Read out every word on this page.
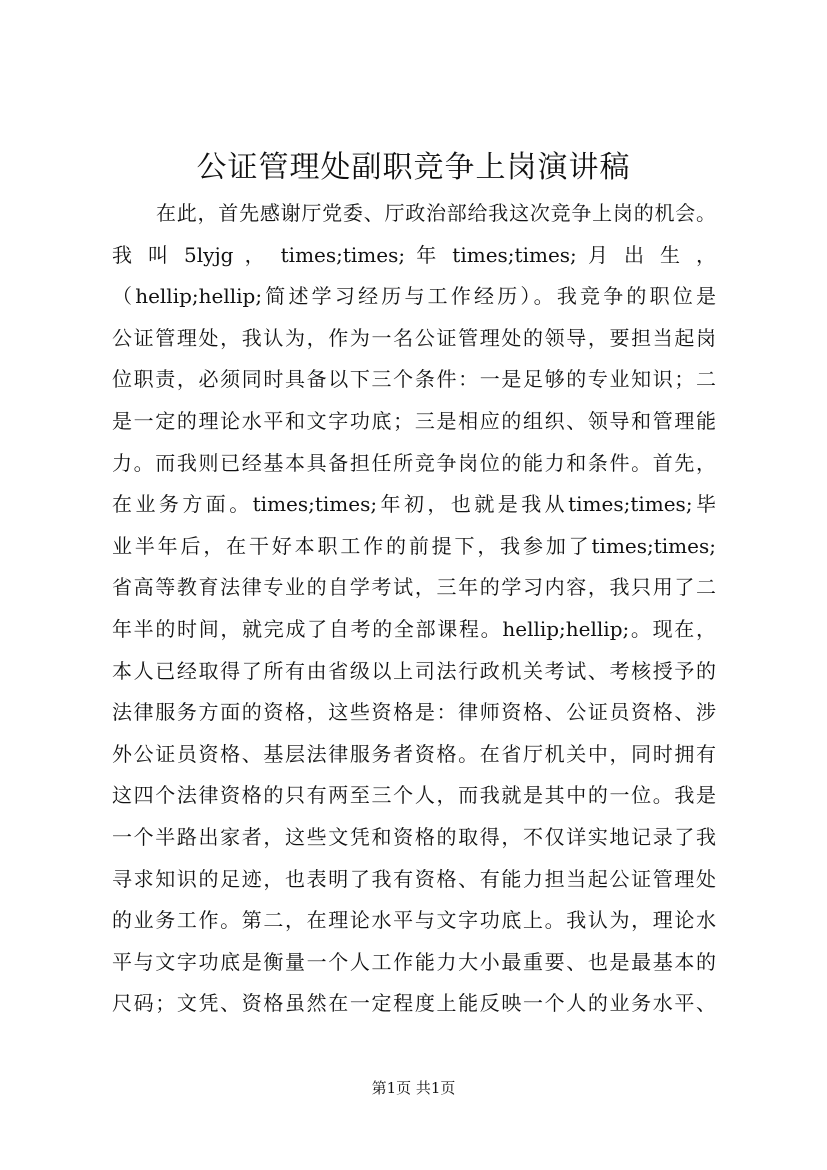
公证管理处副职竞争上岗演讲稿
在此，首先感谢厅党委、厅政治部给我这次竞争上岗的机会。
我 叫 5lyjg ， times;times; 年 times;times; 月 出 生 ，
（hellip;hellip;简述学习经历与工作经历）。我竞争的职位是
公证管理处，我认为，作为一名公证管理处的领导，要担当起岗
位职责，必须同时具备以下三个条件：一是足够的专业知识；二
是一定的理论水平和文字功底；三是相应的组织、领导和管理能
力。而我则已经基本具备担任所竞争岗位的能力和条件。首先，
在业务方面。times;times;年初，也就是我从times;times;毕
业半年后，在干好本职工作的前提下，我参加了times;times;
省高等教育法律专业的自学考试，三年的学习内容，我只用了二
年半的时间，就完成了自考的全部课程。hellip;hellip;。现在，
本人已经取得了所有由省级以上司法行政机关考试、考核授予的
法律服务方面的资格，这些资格是：律师资格、公证员资格、涉
外公证员资格、基层法律服务者资格。在省厅机关中，同时拥有
这四个法律资格的只有两至三个人，而我就是其中的一位。我是
一个半路出家者，这些文凭和资格的取得，不仅详实地记录了我
寻求知识的足迹，也表明了我有资格、有能力担当起公证管理处
的业务工作。第二，在理论水平与文字功底上。我认为，理论水
平与文字功底是衡量一个人工作能力大小最重要、也是最基本的
尺码；文凭、资格虽然在一定程度上能反映一个人的业务水平、
第1页 共1页
